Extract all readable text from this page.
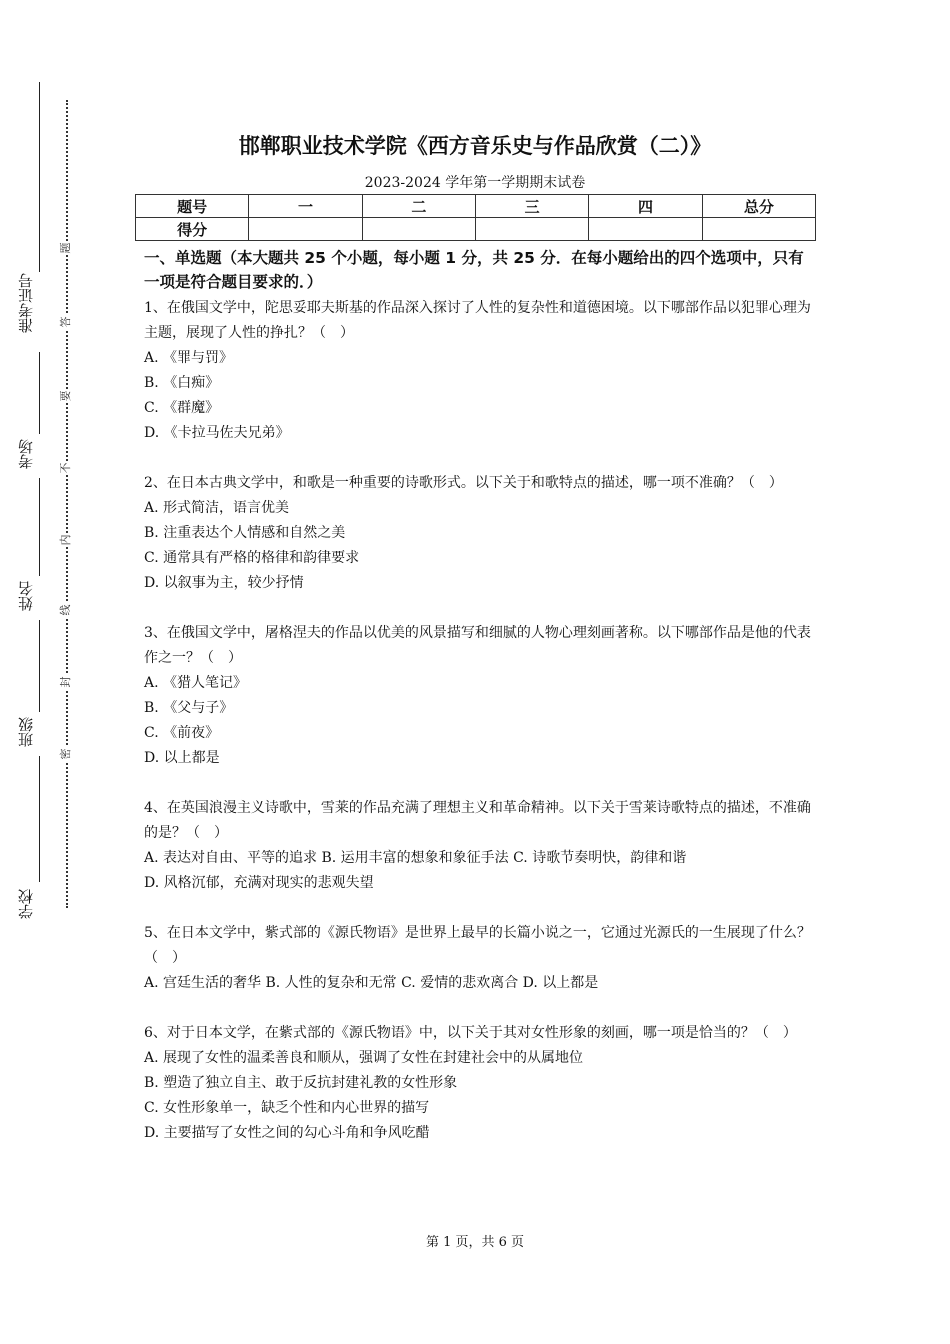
准考证号
考场
姓名
班级
学校
题
答
要
不
内
线
封
密
邯郸职业技术学院《西方音乐史与作品欣赏（二）》
2023-2024 学年第一学期期末试卷
题号	一	二	三	四	总分
得分					
一、单选题（本大题共 25 个小题，每小题 1 分，共 25 分．在每小题给出的四个选项中，只有一项是符合题目要求的．）

1、在俄国文学中，陀思妥耶夫斯基的作品深入探讨了人性的复杂性和道德困境。以下哪部作品以犯罪心理为主题，展现了人性的挣扎？（　）

A. 《罪与罚》

B. 《白痴》

C. 《群魔》

D. 《卡拉马佐夫兄弟》

2、在日本古典文学中，和歌是一种重要的诗歌形式。以下关于和歌特点的描述，哪一项不准确？（　）

A. 形式简洁，语言优美

B. 注重表达个人情感和自然之美

C. 通常具有严格的格律和韵律要求

D. 以叙事为主，较少抒情

3、在俄国文学中，屠格涅夫的作品以优美的风景描写和细腻的人物心理刻画著称。以下哪部作品是他的代表作之一？（　）

A. 《猎人笔记》

B. 《父与子》

C. 《前夜》

D. 以上都是

4、在英国浪漫主义诗歌中，雪莱的作品充满了理想主义和革命精神。以下关于雪莱诗歌特点的描述，不准确的是？（　）

A. 表达对自由、平等的追求 B. 运用丰富的想象和象征手法 C. 诗歌节奏明快，韵律和谐

D. 风格沉郁，充满对现实的悲观失望

5、在日本文学中，紫式部的《源氏物语》是世界上最早的长篇小说之一，它通过光源氏的一生展现了什么？（　）

A. 宫廷生活的奢华 B. 人性的复杂和无常 C. 爱情的悲欢离合 D. 以上都是

6、对于日本文学，在紫式部的《源氏物语》中，以下关于其对女性形象的刻画，哪一项是恰当的？（　）

A. 展现了女性的温柔善良和顺从，强调了女性在封建社会中的从属地位

B. 塑造了独立自主、敢于反抗封建礼教的女性形象

C. 女性形象单一，缺乏个性和内心世界的描写

D. 主要描写了女性之间的勾心斗角和争风吃醋

第 1 页，共 6 页
